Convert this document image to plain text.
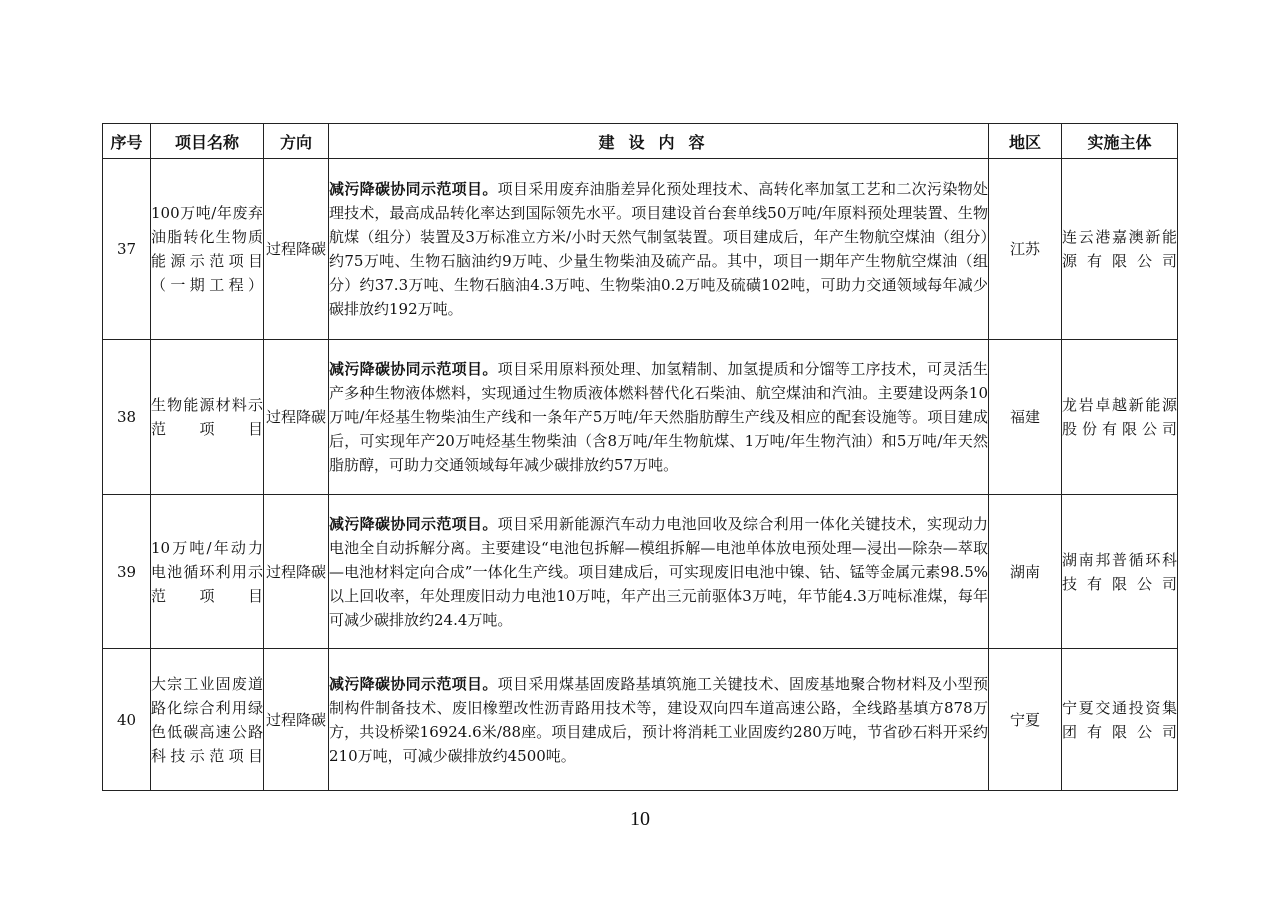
序号	项目名称	方向	建设内容	地区	实施主体
37	100万吨/年废弃油脂转化生物质能源示范项目（一期工程）	过程降碳	减污降碳协同示范项目。项目采用废弃油脂差异化预处理技术、高转化率加氢工艺和二次污染物处理技术，最高成品转化率达到国际领先水平。项目建设首台套单线50万吨/年原料预处理装置、生物航煤（组分）装置及3万标准立方米/小时天然气制氢装置。项目建成后，年产生物航空煤油（组分）约75万吨、生物石脑油约9万吨、少量生物柴油及硫产品。其中，项目一期年产生物航空煤油（组分）约37.3万吨、生物石脑油4.3万吨、生物柴油0.2万吨及硫磺102吨，可助力交通领域每年减少碳排放约192万吨。	江苏	连云港嘉澳新能源有限公司
38	生物能源材料示范项目	过程降碳	减污降碳协同示范项目。项目采用原料预处理、加氢精制、加氢提质和分馏等工序技术，可灵活生产多种生物液体燃料，实现通过生物质液体燃料替代化石柴油、航空煤油和汽油。主要建设两条10万吨/年烃基生物柴油生产线和一条年产5万吨/年天然脂肪醇生产线及相应的配套设施等。项目建成后，可实现年产20万吨烃基生物柴油（含8万吨/年生物航煤、1万吨/年生物汽油）和5万吨/年天然脂肪醇，可助力交通领域每年减少碳排放约57万吨。	福建	龙岩卓越新能源股份有限公司
39	10万吨/年动力电池循环利用示范项目	过程降碳	减污降碳协同示范项目。项目采用新能源汽车动力电池回收及综合利用一体化关键技术，实现动力电池全自动拆解分离。主要建设“电池包拆解—模组拆解—电池单体放电预处理—浸出—除杂—萃取—电池材料定向合成”一体化生产线。项目建成后，可实现废旧电池中镍、钴、锰等金属元素98.5%以上回收率，年处理废旧动力电池10万吨，年产出三元前驱体3万吨，年节能4.3万吨标准煤，每年可减少碳排放约24.4万吨。	湖南	湖南邦普循环科技有限公司
40	大宗工业固废道路化综合利用绿色低碳高速公路科技示范项目	过程降碳	减污降碳协同示范项目。项目采用煤基固废路基填筑施工关键技术、固废基地聚合物材料及小型预制构件制备技术、废旧橡塑改性沥青路用技术等，建设双向四车道高速公路，全线路基填方878万方，共设桥梁16924.6米/88座。项目建成后，预计将消耗工业固废约280万吨，节省砂石料开采约210万吨，可减少碳排放约4500吨。	宁夏	宁夏交通投资集团有限公司
10
